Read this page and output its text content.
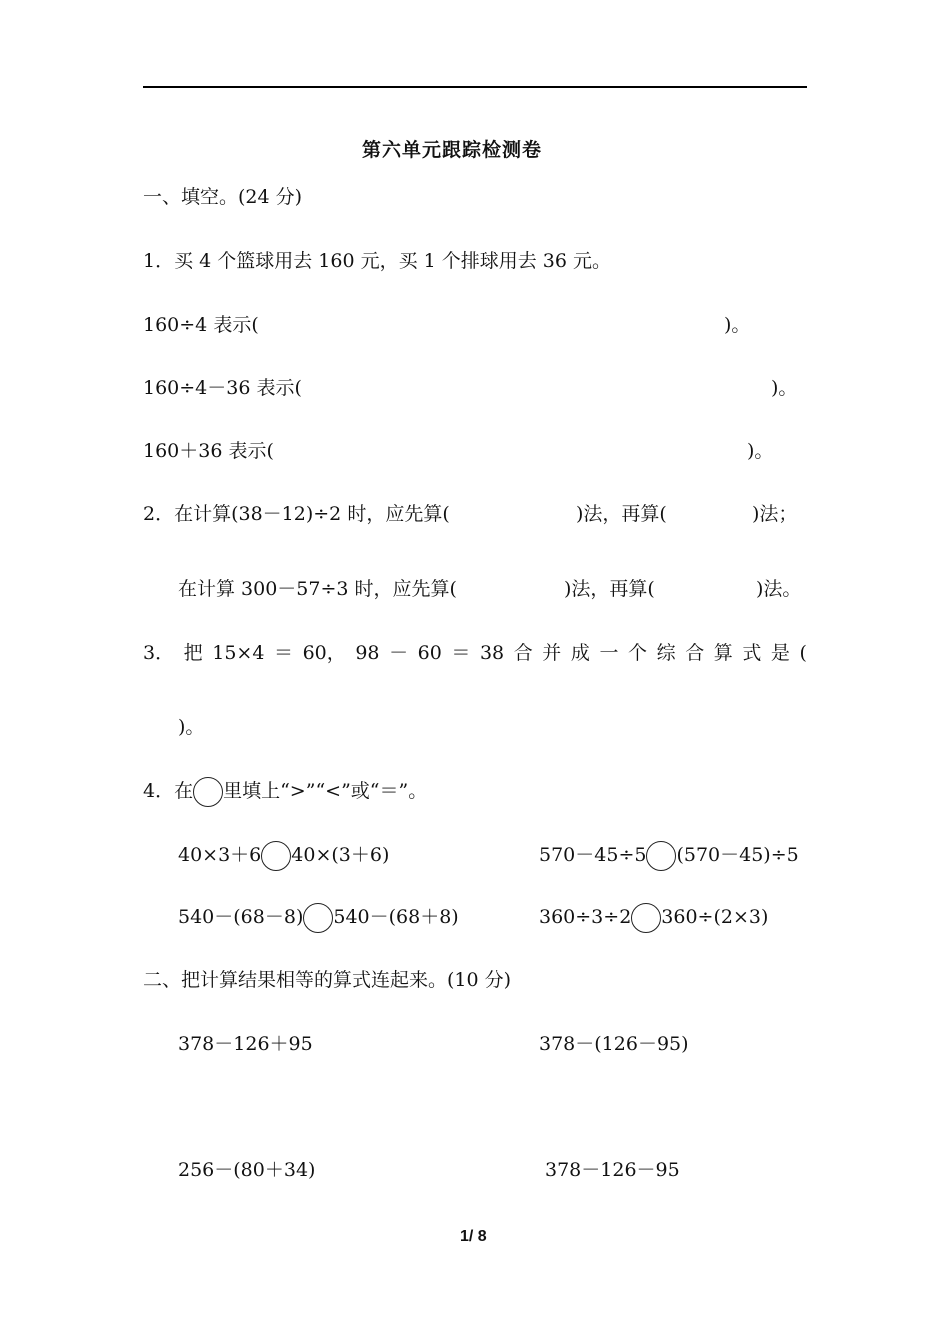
第六单元跟踪检测卷
一、填空。(24 分)
1．买 4 个篮球用去 160 元，买 1 个排球用去 36 元。
160÷4 表示(	)。
160÷4－36 表示(	)。
160＋36 表示(	)。
2．在计算(38－12)÷2 时，应先算(	)法，再算(	)法；
在计算 300－57÷3 时，应先算(	)法，再算(	)法。
3． 把 15×4 ＝ 60， 98 － 60 ＝ 38 合 并 成 一 个 综 合 算 式 是 (
)。
4．在 里填上“>”“<”或“＝”。
40×3＋6 40×(3＋6)	570－45÷5 (570－45)÷5
540－(68－8) 540－(68＋8)	360÷3÷2 360÷(2×3)
二、把计算结果相等的算式连起来。(10 分)
378－126＋95	378－(126－95)
256－(80＋34)	378－126－95
1/ 8
